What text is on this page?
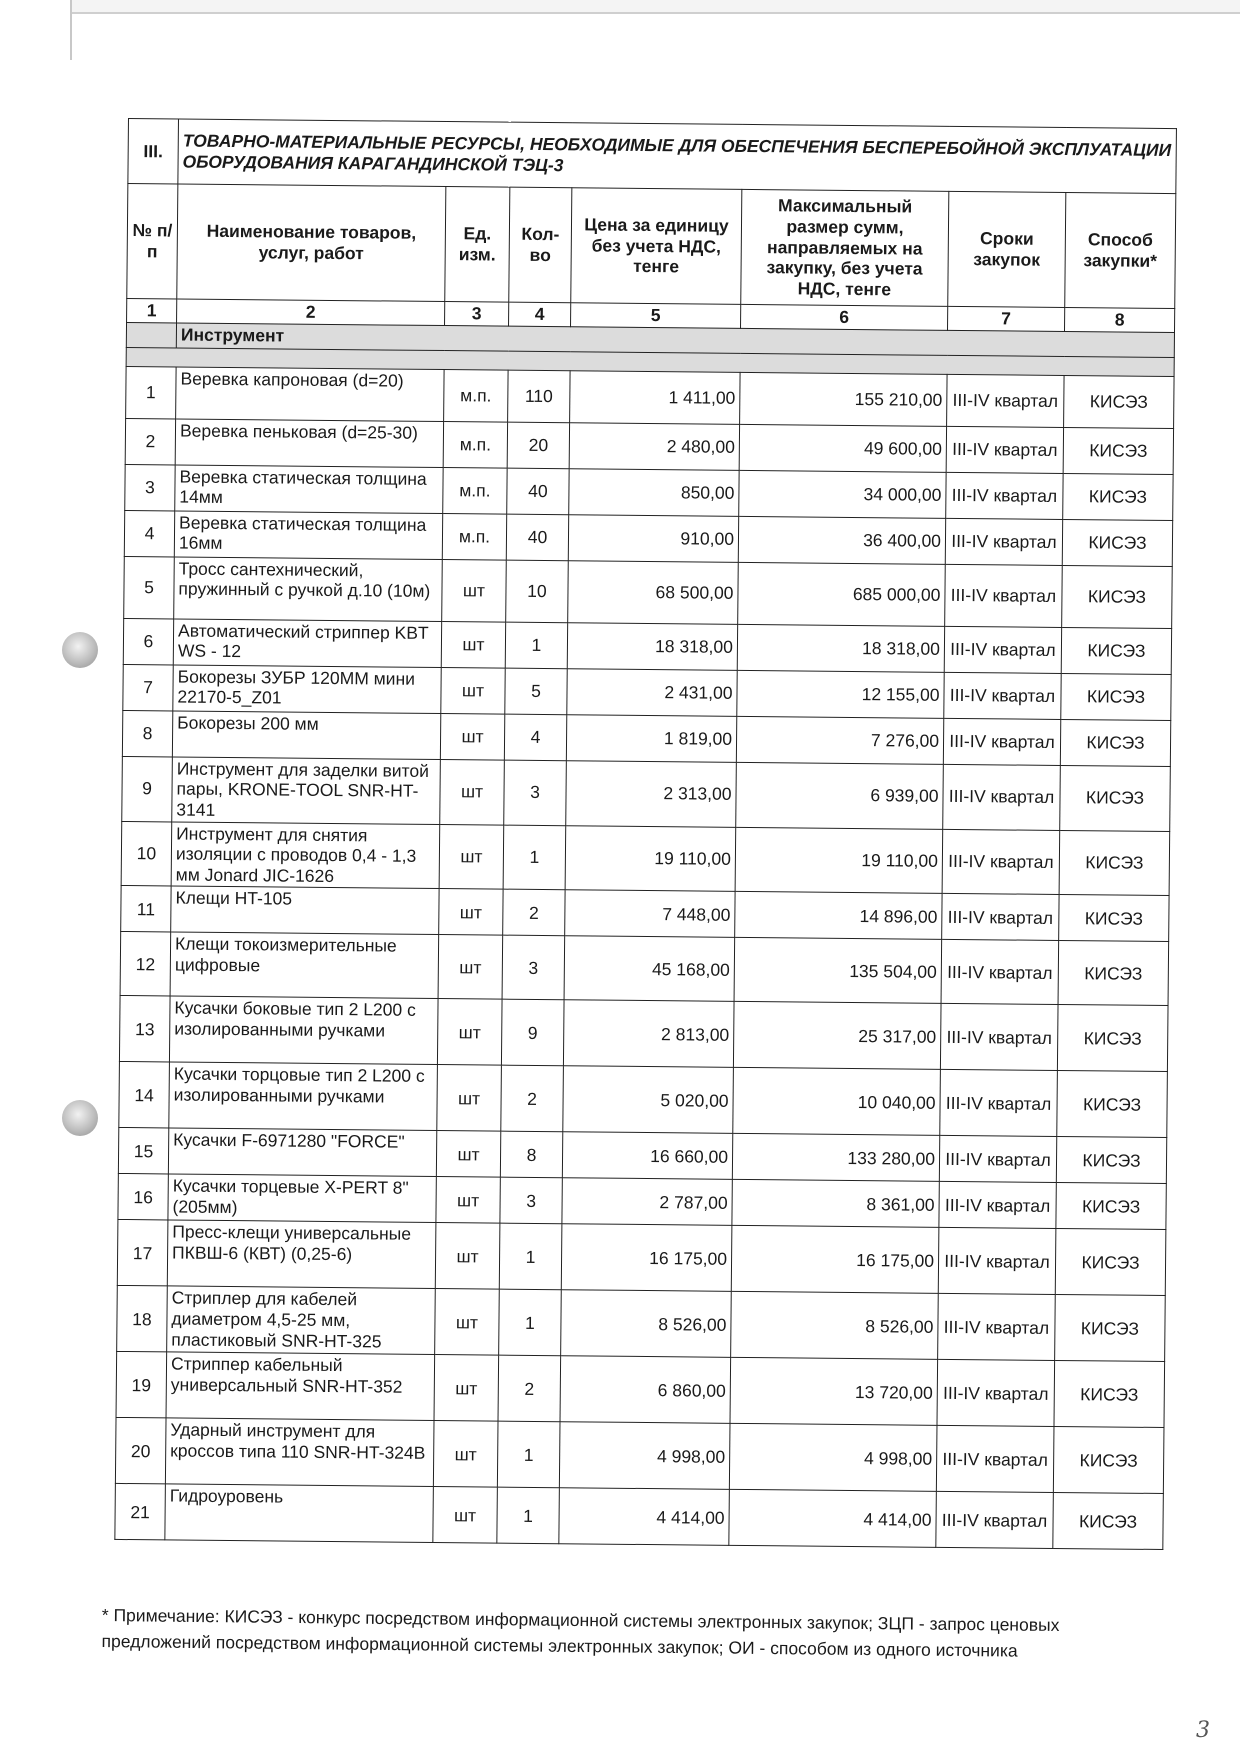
III.	ТОВАРНО-МАТЕРИАЛЬНЫЕ РЕСУРСЫ, НЕОБХОДИМЫЕ ДЛЯ ОБЕСПЕЧЕНИЯ БЕСПЕРЕБОЙНОЙ ЭКСПЛУАТАЦИИ ОБОРУДОВАНИЯ КАРАГАНДИНСКОЙ ТЭЦ-3						
№ п/п	Наименование товаров, услуг, работ	Ед. изм.	Кол-во	Цена за единицу без учета НДС, тенге	Максимальный размер сумм, направляемых на закупку, без учета НДС, тенге	Сроки закупок	Способ закупки*
1	2	3	4	5	6	7	8
	Инструмент						

1	Веревка капроновая (d=20)	м.п.	110	1 411,00	155 210,00	III-IV квартал	КИСЭЗ
2	Веревка пеньковая (d=25-30)	м.п.	20	2 480,00	49 600,00	III-IV квартал	КИСЭЗ
3	Веревка статическая толщина 14мм	м.п.	40	850,00	34 000,00	III-IV квартал	КИСЭЗ
4	Веревка статическая толщина 16мм	м.п.	40	910,00	36 400,00	III-IV квартал	КИСЭЗ
5	Тросс сантехнический, пружинный с ручкой д.10 (10м)	шт	10	68 500,00	685 000,00	III-IV квартал	КИСЭЗ
6	Автоматический стриппер KBT WS - 12	шт	1	18 318,00	18 318,00	III-IV квартал	КИСЭЗ
7	Бокорезы ЗУБР 120ММ мини 22170-5_Z01	шт	5	2 431,00	12 155,00	III-IV квартал	КИСЭЗ
8	Бокорезы 200 мм	шт	4	1 819,00	7 276,00	III-IV квартал	КИСЭЗ
9	Инструмент для заделки витой пары, KRONE-TOOL SNR-HT-3141	шт	3	2 313,00	6 939,00	III-IV квартал	КИСЭЗ
10	Инструмент для снятия изоляции с проводов 0,4 - 1,3 мм Jonard JIC-1626	шт	1	19 110,00	19 110,00	III-IV квартал	КИСЭЗ
11	Клещи HT-105	шт	2	7 448,00	14 896,00	III-IV квартал	КИСЭЗ
12	Клещи токоизмерительные цифровые	шт	3	45 168,00	135 504,00	III-IV квартал	КИСЭЗ
13	Кусачки боковые тип 2 L200 с изолированными ручками	шт	9	2 813,00	25 317,00	III-IV квартал	КИСЭЗ
14	Кусачки торцовые тип 2 L200 с изолированными ручками	шт	2	5 020,00	10 040,00	III-IV квартал	КИСЭЗ
15	Кусачки F-6971280 "FORCE"	шт	8	16 660,00	133 280,00	III-IV квартал	КИСЭЗ
16	Кусачки торцевые X-PERT 8" (205мм)	шт	3	2 787,00	8 361,00	III-IV квартал	КИСЭЗ
17	Пресс-клещи универсальные ПКВШ-6 (КВТ) (0,25-6)	шт	1	16 175,00	16 175,00	III-IV квартал	КИСЭЗ
18	Стриплер для кабелей диаметром 4,5-25 мм, пластиковый SNR-HT-325	шт	1	8 526,00	8 526,00	III-IV квартал	КИСЭЗ
19	Стриппер кабельный универсальный SNR-HT-352	шт	2	6 860,00	13 720,00	III-IV квартал	КИСЭЗ
20	Ударный инструмент для кроссов типа 110 SNR-HT-324B	шт	1	4 998,00	4 998,00	III-IV квартал	КИСЭЗ
21	Гидроуровень	шт	1	4 414,00	4 414,00	III-IV квартал	КИСЭЗ
* Примечание: КИСЭЗ - конкурс посредством информационной системы электронных закупок; ЗЦП - запрос ценовых предложений посредством информационной системы электронных закупок; ОИ - способом из одного источника
3
